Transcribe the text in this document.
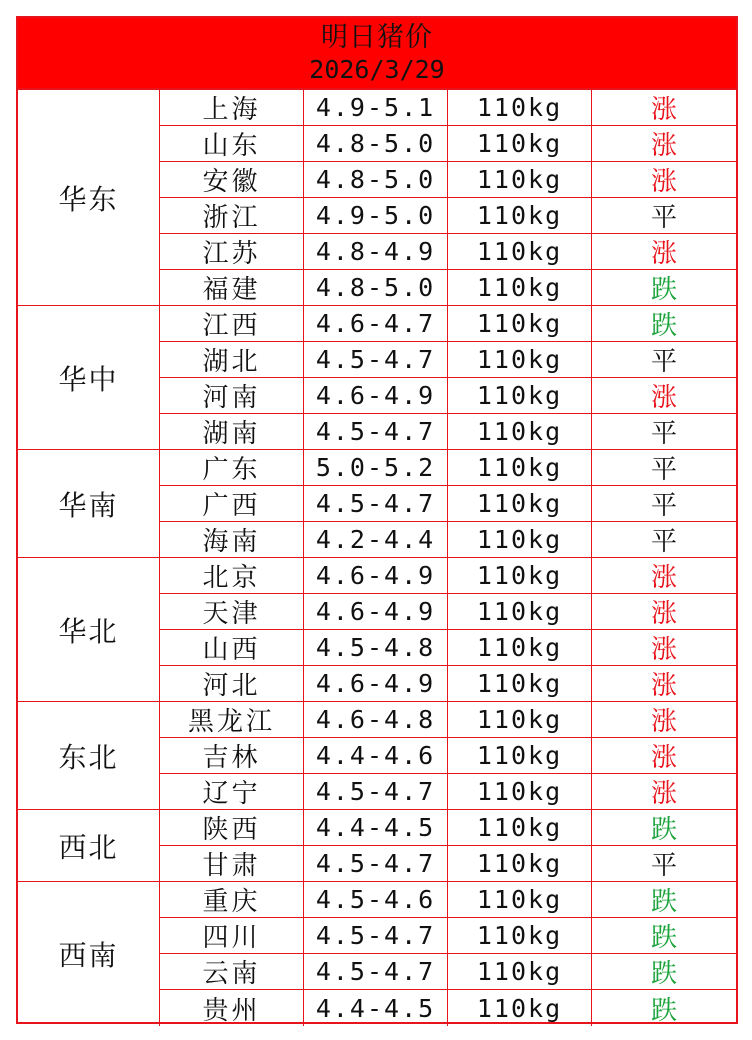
明日猪价
2026/3/29
华东
上海	4.9-5.1	110kg	涨
山东	4.8-5.0	110kg	涨
安徽	4.8-5.0	110kg	涨
浙江	4.9-5.0	110kg	平
江苏	4.8-4.9	110kg	涨
福建	4.8-5.0	110kg	跌
华中
江西	4.6-4.7	110kg	跌
湖北	4.5-4.7	110kg	平
河南	4.6-4.9	110kg	涨
湖南	4.5-4.7	110kg	平
华南
广东	5.0-5.2	110kg	平
广西	4.5-4.7	110kg	平
海南	4.2-4.4	110kg	平
华北
北京	4.6-4.9	110kg	涨
天津	4.6-4.9	110kg	涨
山西	4.5-4.8	110kg	涨
河北	4.6-4.9	110kg	涨
东北
黑龙江	4.6-4.8	110kg	涨
吉林	4.4-4.6	110kg	涨
辽宁	4.5-4.7	110kg	涨
西北
陕西	4.4-4.5	110kg	跌
甘肃	4.5-4.7	110kg	平
西南
重庆	4.5-4.6	110kg	跌
四川	4.5-4.7	110kg	跌
云南	4.5-4.7	110kg	跌
贵州	4.4-4.5	110kg	跌
